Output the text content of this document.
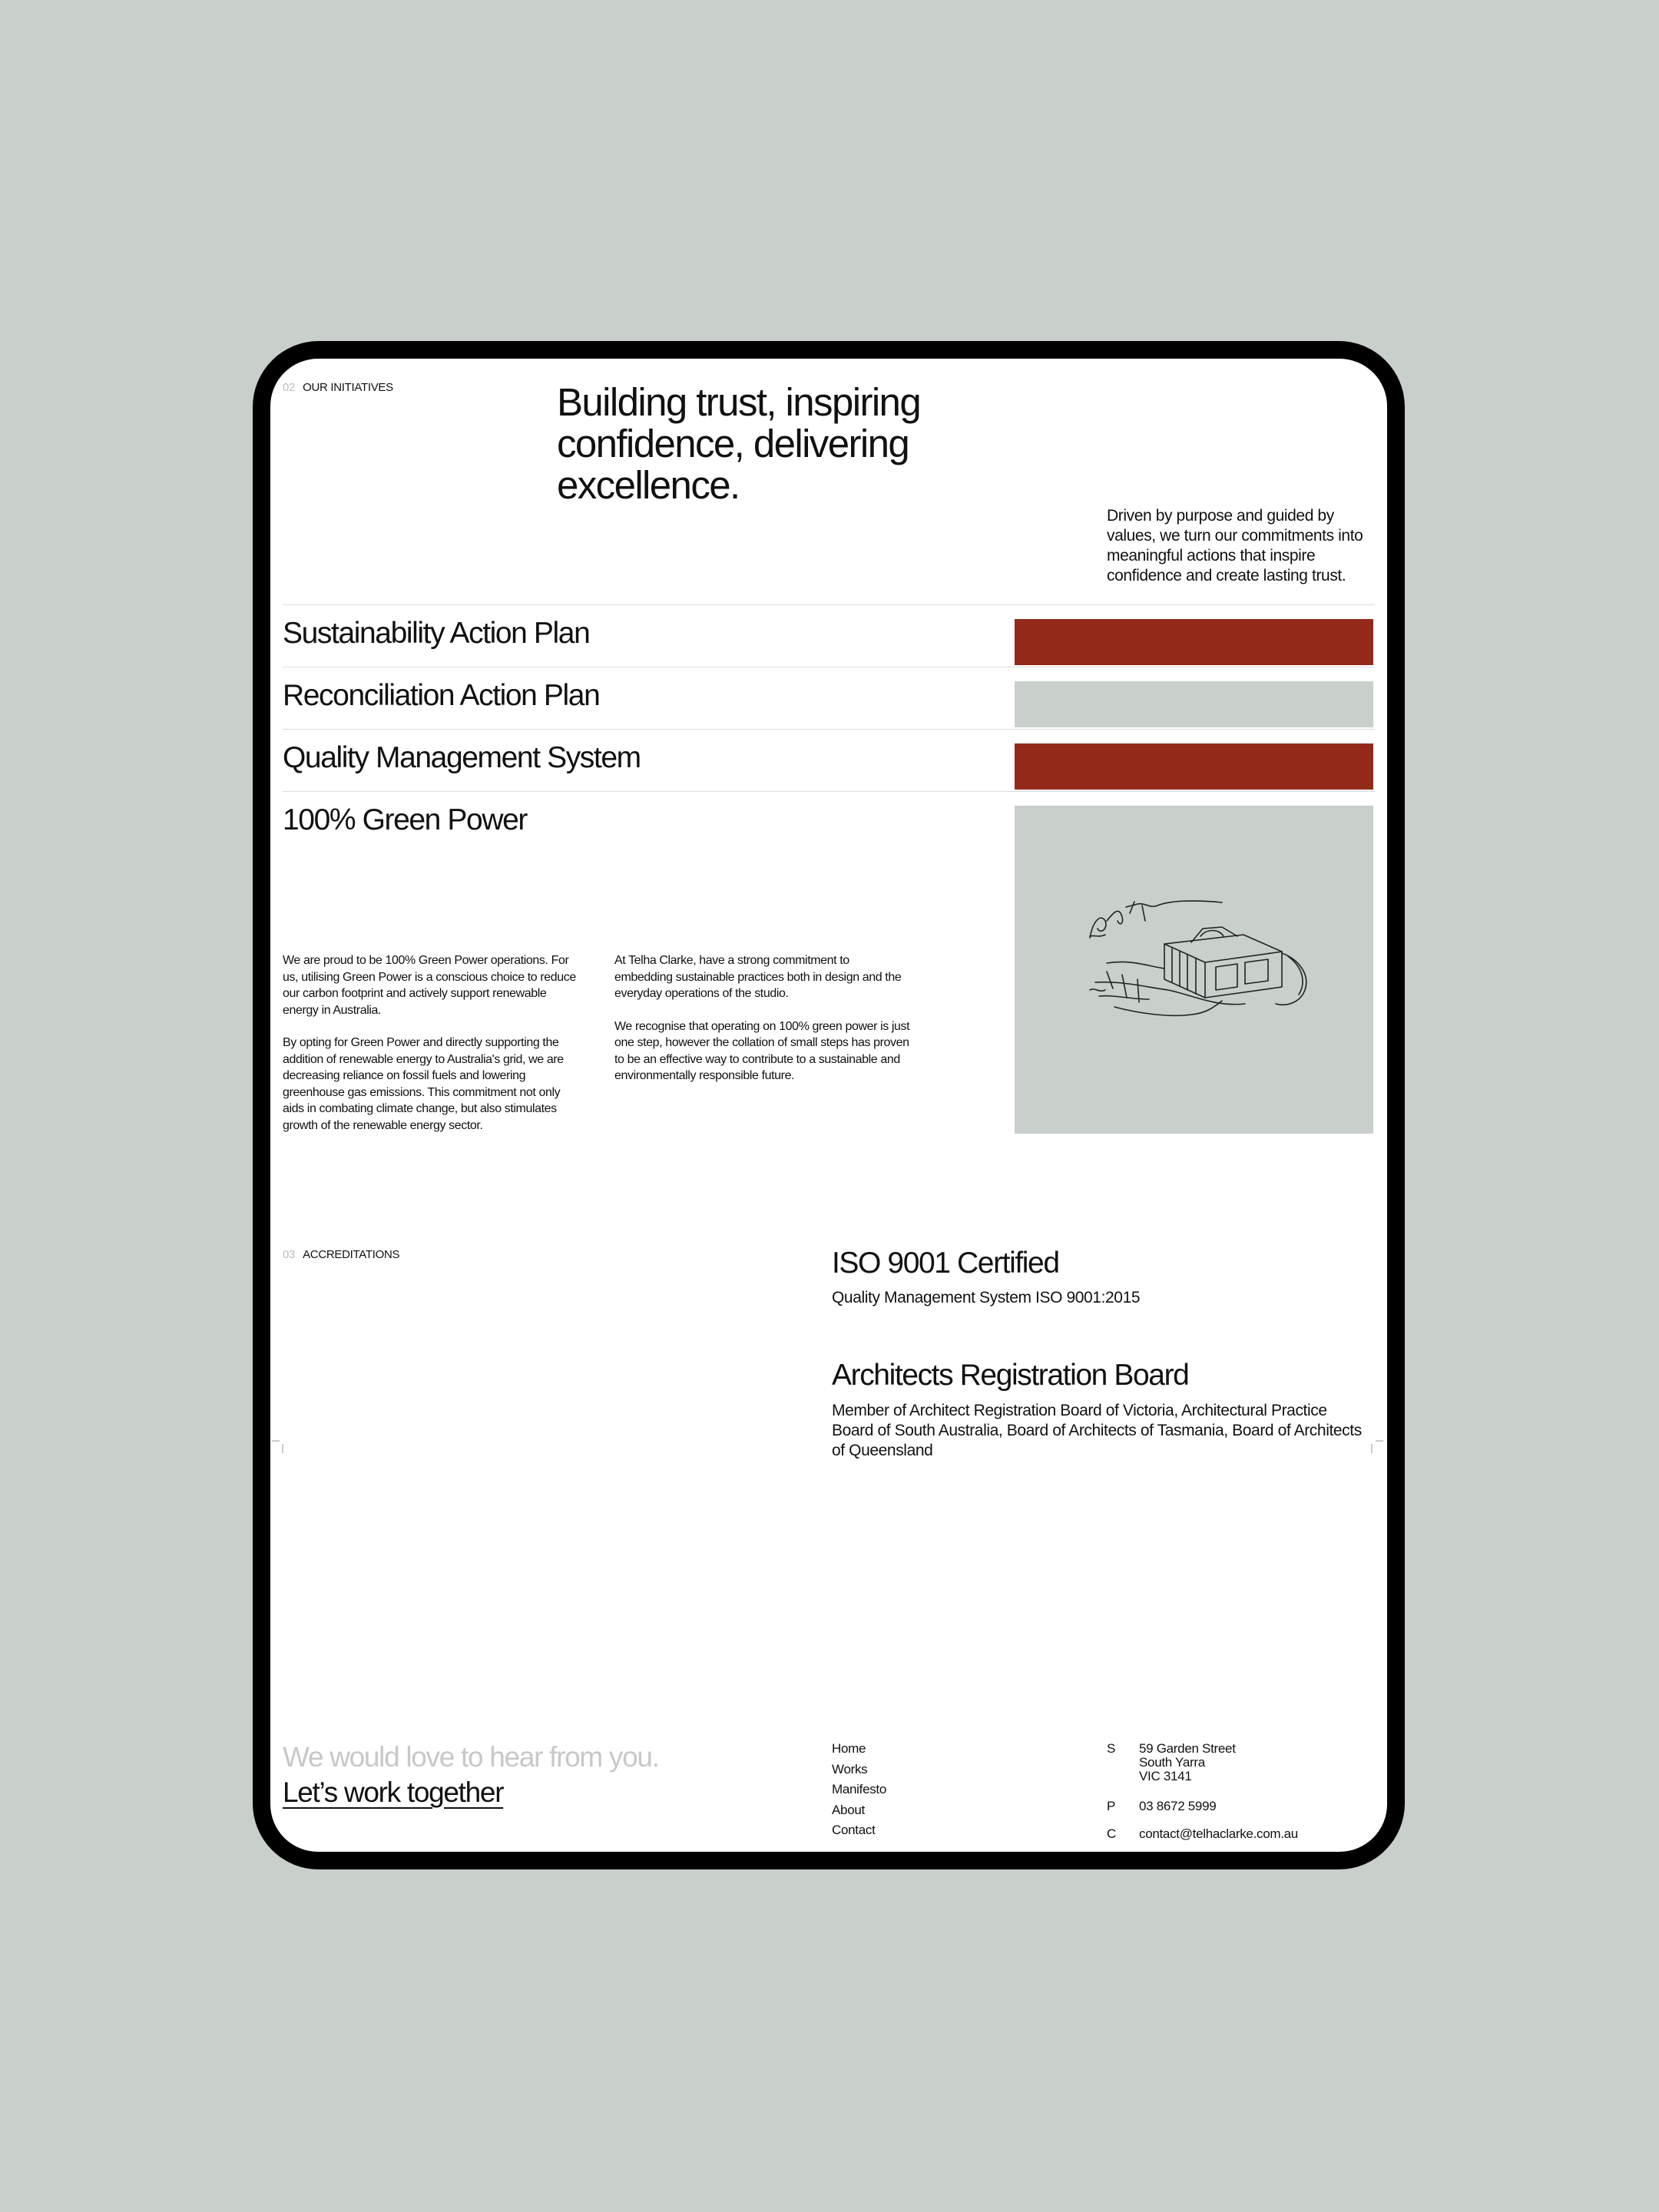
02 OUR INITIATIVES	Building trust, inspiring confidence, delivering excellence.
Driven by purpose and guided by values, we turn our commitments into meaningful actions that inspire confidence and create lasting trust.
Sustainability Action Plan
Reconciliation Action Plan
Quality Management System
100% Green Power

We are proud to be 100% Green Power operations. For us, utilising Green Power is a conscious choice to reduce our carbon footprint and actively support renewable energy in Australia.

By opting for Green Power and directly supporting the addition of renewable energy to Australia's grid, we are decreasing reliance on fossil fuels and lowering greenhouse gas emissions. This commitment not only aids in combating climate change, but also stimulates growth of the renewable energy sector.

At Telha Clarke, have a strong commitment to embedding sustainable practices both in design and the everyday operations of the studio.

We recognise that operating on 100% green power is just one step, however the collation of small steps has proven to be an effective way to contribute to a sustainable and environmentally responsible future.

03 ACCREDITATIONS	ISO 9001 Certified
Quality Management System ISO 9001:2015
Architects Registration Board
Member of Architect Registration Board of Victoria, Architectural Practice Board of South Australia, Board of Architects of Tasmania, Board of Architects of Queensland
We would love to hear from you.
Let’s work together
Home
Works
Manifesto
About
Contact
S 59 Garden Street
South Yarra
VIC 3141
P 03 8672 5999
C contact@telhaclarke.com.au
